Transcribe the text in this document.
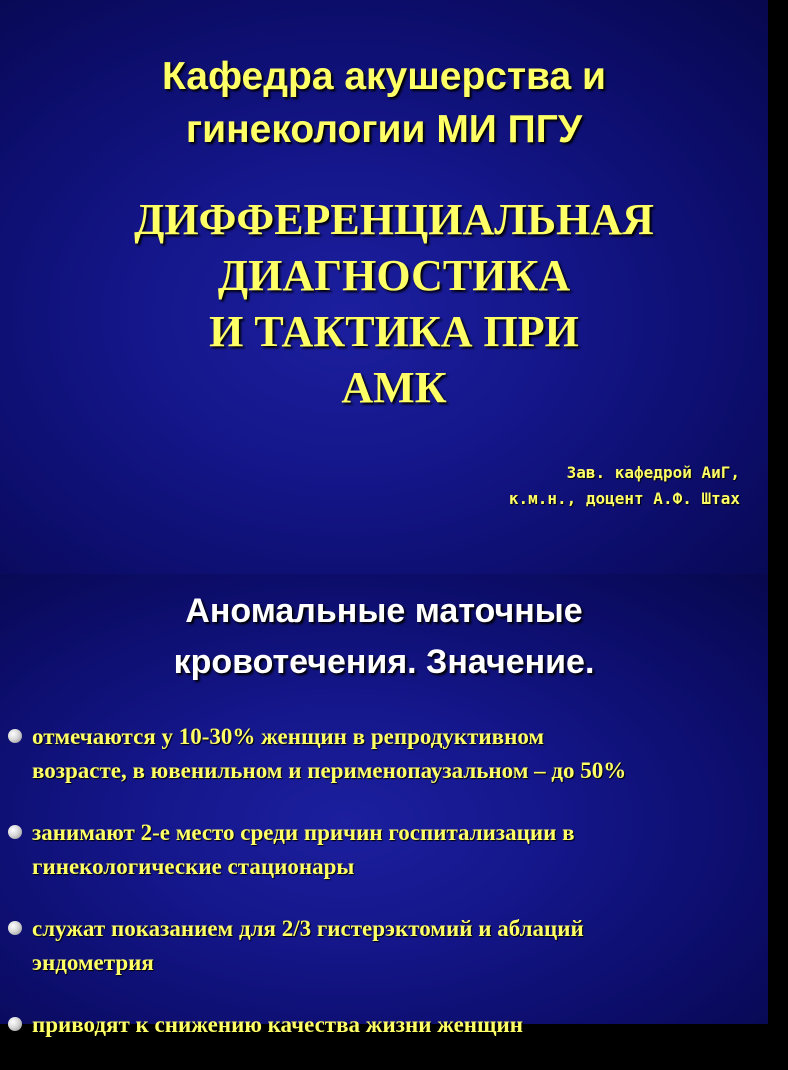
Кафедра акушерства и
гинекологии МИ ПГУ
ДИФФЕРЕНЦИАЛЬНАЯ
ДИАГНОСТИКА
И ТАКТИКА ПРИ
АМК
Зав. кафедрой АиГ,
к.м.н., доцент А.Ф. Штах
Аномальные маточные
кровотечения. Значение.
отмечаются у 10-30% женщин в репродуктивном
возрасте, в ювенильном и перименопаузальном – до 50%
занимают 2-е место среди причин госпитализации в
гинекологические стационары
служат показанием для 2/3 гистерэктомий и аблаций
эндометрия
приводят к снижению качества жизни женщин
